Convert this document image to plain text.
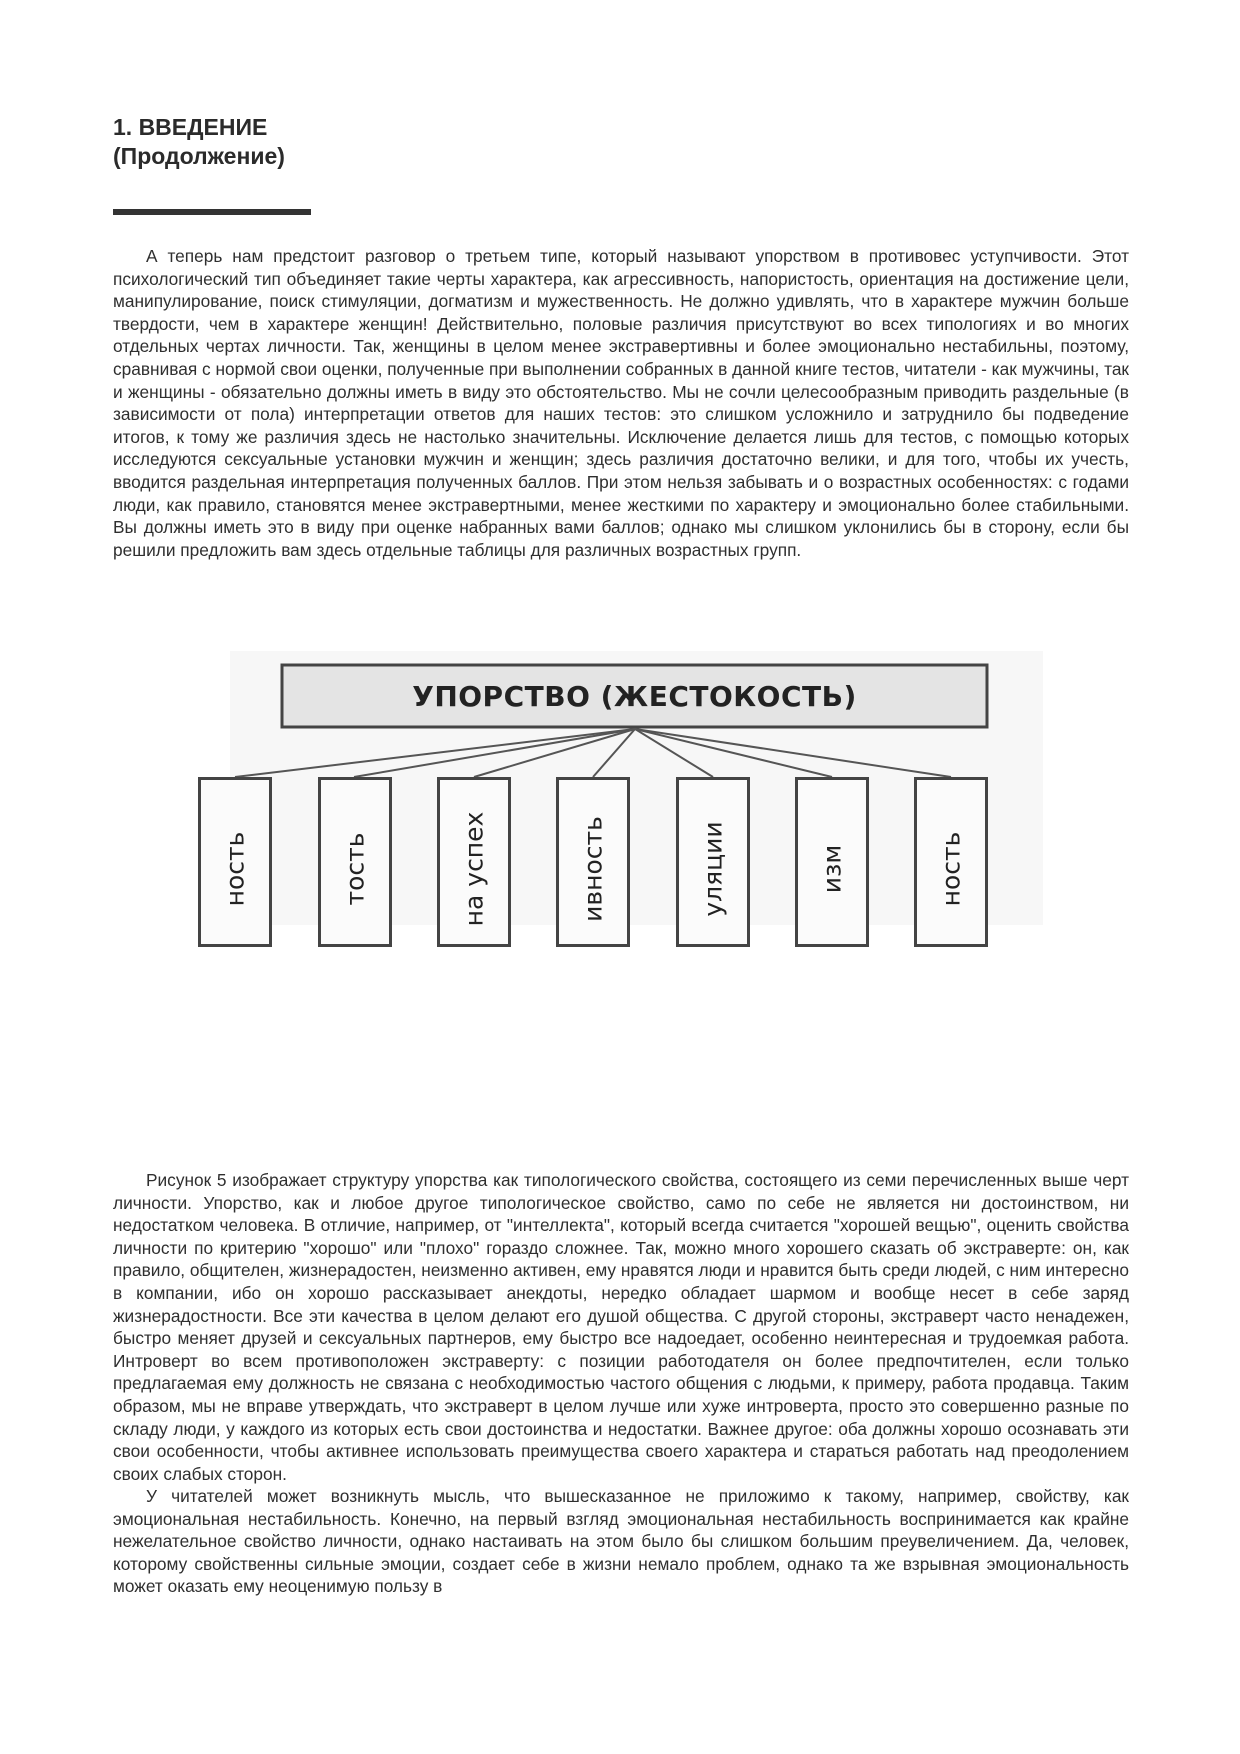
1. ВВЕДЕНИЕ
(Продолжение)

А теперь нам предстоит разговор о третьем типе, который называют упорством в противовес уступчивости. Этот психологический тип объединяет такие черты характера, как агрессивность, напористость, ориентация на достижение цели, манипулирование, поиск стимуляции, догматизм и мужественность. Не должно удивлять, что в характере мужчин больше твердости, чем в характере женщин! Действительно, половые различия присутствуют во всех типологиях и во многих отдельных чертах личности. Так, женщины в целом менее экстравертивны и более эмоционально нестабильны, поэтому, сравнивая с нормой свои оценки, полученные при выполнении собранных в данной книге тестов, читатели - как мужчины, так и женщины - обязательно должны иметь в виду это обстоятельство. Мы не сочли целесообразным приводить раздельные (в зависимости от пола) интерпретации ответов для наших тестов: это слишком усложнило и затруднило бы подведение итогов, к тому же различия здесь не настолько значительны. Исключение делается лишь для тестов, с помощью которых исследуются сексуальные установки мужчин и женщин; здесь различия достаточно велики, и для того, чтобы их учесть, вводится раздельная интерпретация полученных баллов. При этом нельзя забывать и о возрастных особенностях: с годами люди, как правило, становятся менее экстравертными, менее жесткими по характеру и эмоционально более стабильными. Вы должны иметь это в виду при оценке набранных вами баллов; однако мы слишком уклонились бы в сторону, если бы решили предложить вам здесь отдельные таблицы для различных возрастных групп.

УПОРСТВО (ЖЕСТОКОСТЬ)
ность	тость	на успех	ивность	уляции	изм	ность

Рисунок 5 изображает структуру упорства как типологического свойства, состоящего из семи перечисленных выше черт личности. Упорство, как и любое другое типологическое свойство, само по себе не является ни достоинством, ни недостатком человека. В отличие, например, от "интеллекта", который всегда считается "хорошей вещью", оценить свойства личности по критерию "хорошо" или "плохо" гораздо сложнее. Так, можно много хорошего сказать об экстраверте: он, как правило, общителен, жизнерадостен, неизменно активен, ему нравятся люди и нравится быть среди людей, с ним интересно в компании, ибо он хорошо рассказывает анекдоты, нередко обладает шармом и вообще несет в себе заряд жизнерадостности. Все эти качества в целом делают его душой общества. С другой стороны, экстраверт часто ненадежен, быстро меняет друзей и сексуальных партнеров, ему быстро все надоедает, особенно неинтересная и трудоемкая работа. Интроверт во всем противоположен экстраверту: с позиции работодателя он более предпочтителен, если только предлагаемая ему должность не связана с необходимостью частого общения с людьми, к примеру, работа продавца. Таким образом, мы не вправе утверждать, что экстраверт в целом лучше или хуже интроверта, просто это совершенно разные по складу люди, у каждого из которых есть свои достоинства и недостатки. Важнее другое: оба должны хорошо осознавать эти свои особенности, чтобы активнее использовать преимущества своего характера и стараться работать над преодолением своих слабых сторон.

У читателей может возникнуть мысль, что вышесказанное не приложимо к такому, например, свойству, как эмоциональная нестабильность. Конечно, на первый взгляд эмоциональная нестабильность воспринимается как крайне нежелательное свойство личности, однако настаивать на этом было бы слишком большим преувеличением. Да, человек, которому свойственны сильные эмоции, создает себе в жизни немало проблем, однако та же взрывная эмоциональность может оказать ему неоценимую пользу в
